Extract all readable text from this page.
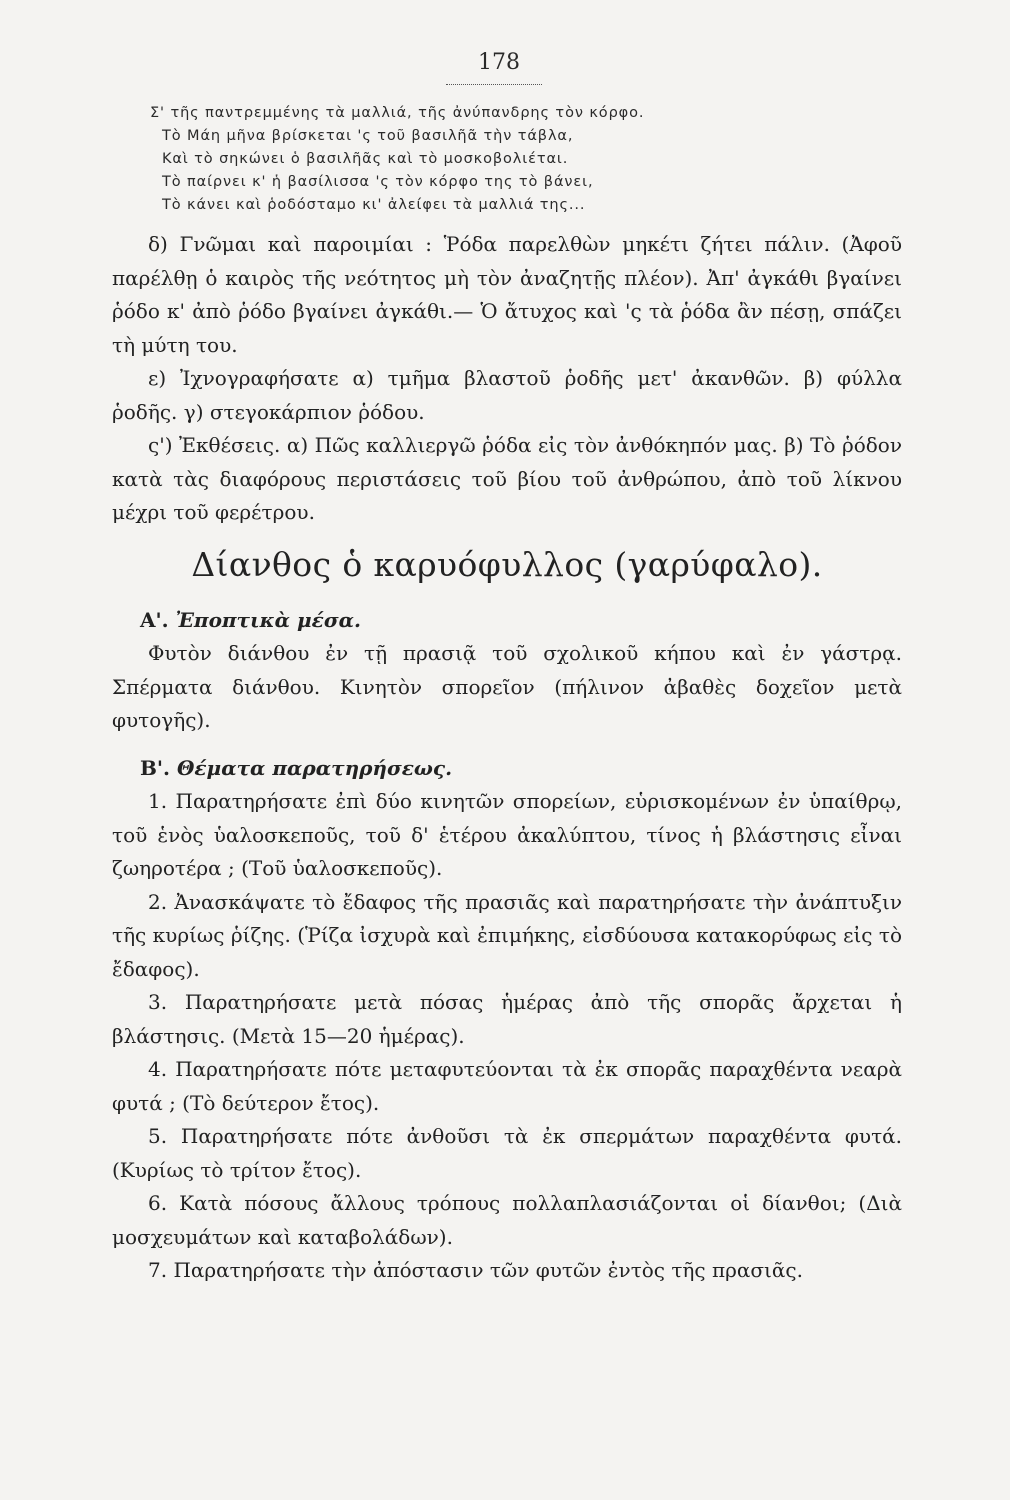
178
Σ' τῆς παντρεμμένης τὰ μαλλιά, τῆς ἀνύπανδρης τὸν κόρφο.
Τὸ Μάη μῆνα βρίσκεται 'ς τοῦ βασιλῆᾶ τὴν τάβλα,
Καὶ τὸ σηκώνει ὁ βασιλῆᾶς καὶ τὸ μοσκοβολιέται.
Τὸ παίρνει κ' ἡ βασίλισσα 'ς τὸν κόρφο της τὸ βάνει,
Τὸ κάνει καὶ ῥοδόσταμο κι' ἀλείφει τὰ μαλλιά της...

δ) Γνῶμαι καὶ παροιμίαι : Ῥόδα παρελθὼν μηκέτι ζήτει πάλιν. (Ἀφοῦ παρέλθῃ ὁ καιρὸς τῆς νεότητος μὴ τὸν ἀναζητῇς πλέον). Ἀπ' ἀγκάθι βγαίνει ῥόδο κ' ἀπὸ ῥόδο βγαίνει ἀγκάθι.— Ὁ ἄτυχος καὶ 'ς τὰ ῥόδα ἂν πέσῃ, σπάζει τὴ μύτη του.

ε) Ἰχνογραφήσατε α) τμῆμα βλαστοῦ ῥοδῆς μετ' ἀκανθῶν. β) φύλλα ῥοδῆς. γ) στεγοκάρπιον ῥόδου.

ς') Ἐκθέσεις. α) Πῶς καλλιεργῶ ῥόδα εἰς τὸν ἀνθόκηπόν μας. β) Τὸ ῥόδον κατὰ τὰς διαφόρους περιστάσεις τοῦ βίου τοῦ ἀνθρώπου, ἀπὸ τοῦ λίκνου μέχρι τοῦ φερέτρου.

Δίανθος ὁ καρυόφυλλος (γαρύφαλο).

Α'. Ἐποπτικὰ μέσα.

Φυτὸν διάνθου ἐν τῇ πρασιᾷ τοῦ σχολικοῦ κήπου καὶ ἐν γάστρᾳ. Σπέρματα διάνθου. Κινητὸν σπορεῖον (πήλινον ἀβαθὲς δοχεῖον μετὰ φυτογῆς).

Β'. Θέματα παρατηρήσεως.

1. Παρατηρήσατε ἐπὶ δύο κινητῶν σπορείων, εὑρισκομένων ἐν ὑπαίθρῳ, τοῦ ἑνὸς ὑαλοσκεποῦς, τοῦ δ' ἑτέρου ἀκαλύπτου, τίνος ἡ βλάστησις εἶναι ζωηροτέρα ; (Τοῦ ὑαλοσκεποῦς).

2. Ἀνασκάψατε τὸ ἔδαφος τῆς πρασιᾶς καὶ παρατηρήσατε τὴν ἀνάπτυξιν τῆς κυρίως ῥίζης. (Ῥίζα ἰσχυρὰ καὶ ἐπιμήκης, εἰσδύουσα κατακορύφως εἰς τὸ ἔδαφος).

3. Παρατηρήσατε μετὰ πόσας ἡμέρας ἀπὸ τῆς σπορᾶς ἄρχεται ἡ βλάστησις. (Μετὰ 15—20 ἡμέρας).

4. Παρατηρήσατε πότε μεταφυτεύονται τὰ ἐκ σπορᾶς παραχθέντα νεαρὰ φυτά ; (Τὸ δεύτερον ἔτος).

5. Παρατηρήσατε πότε ἀνθοῦσι τὰ ἐκ σπερμάτων παραχθέντα φυτά. (Κυρίως τὸ τρίτον ἔτος).

6. Κατὰ πόσους ἄλλους τρόπους πολλαπλασιάζονται οἱ δίανθοι; (Διὰ μοσχευμάτων καὶ καταβολάδων).

7. Παρατηρήσατε τὴν ἀπόστασιν τῶν φυτῶν ἐντὸς τῆς πρασιᾶς.
